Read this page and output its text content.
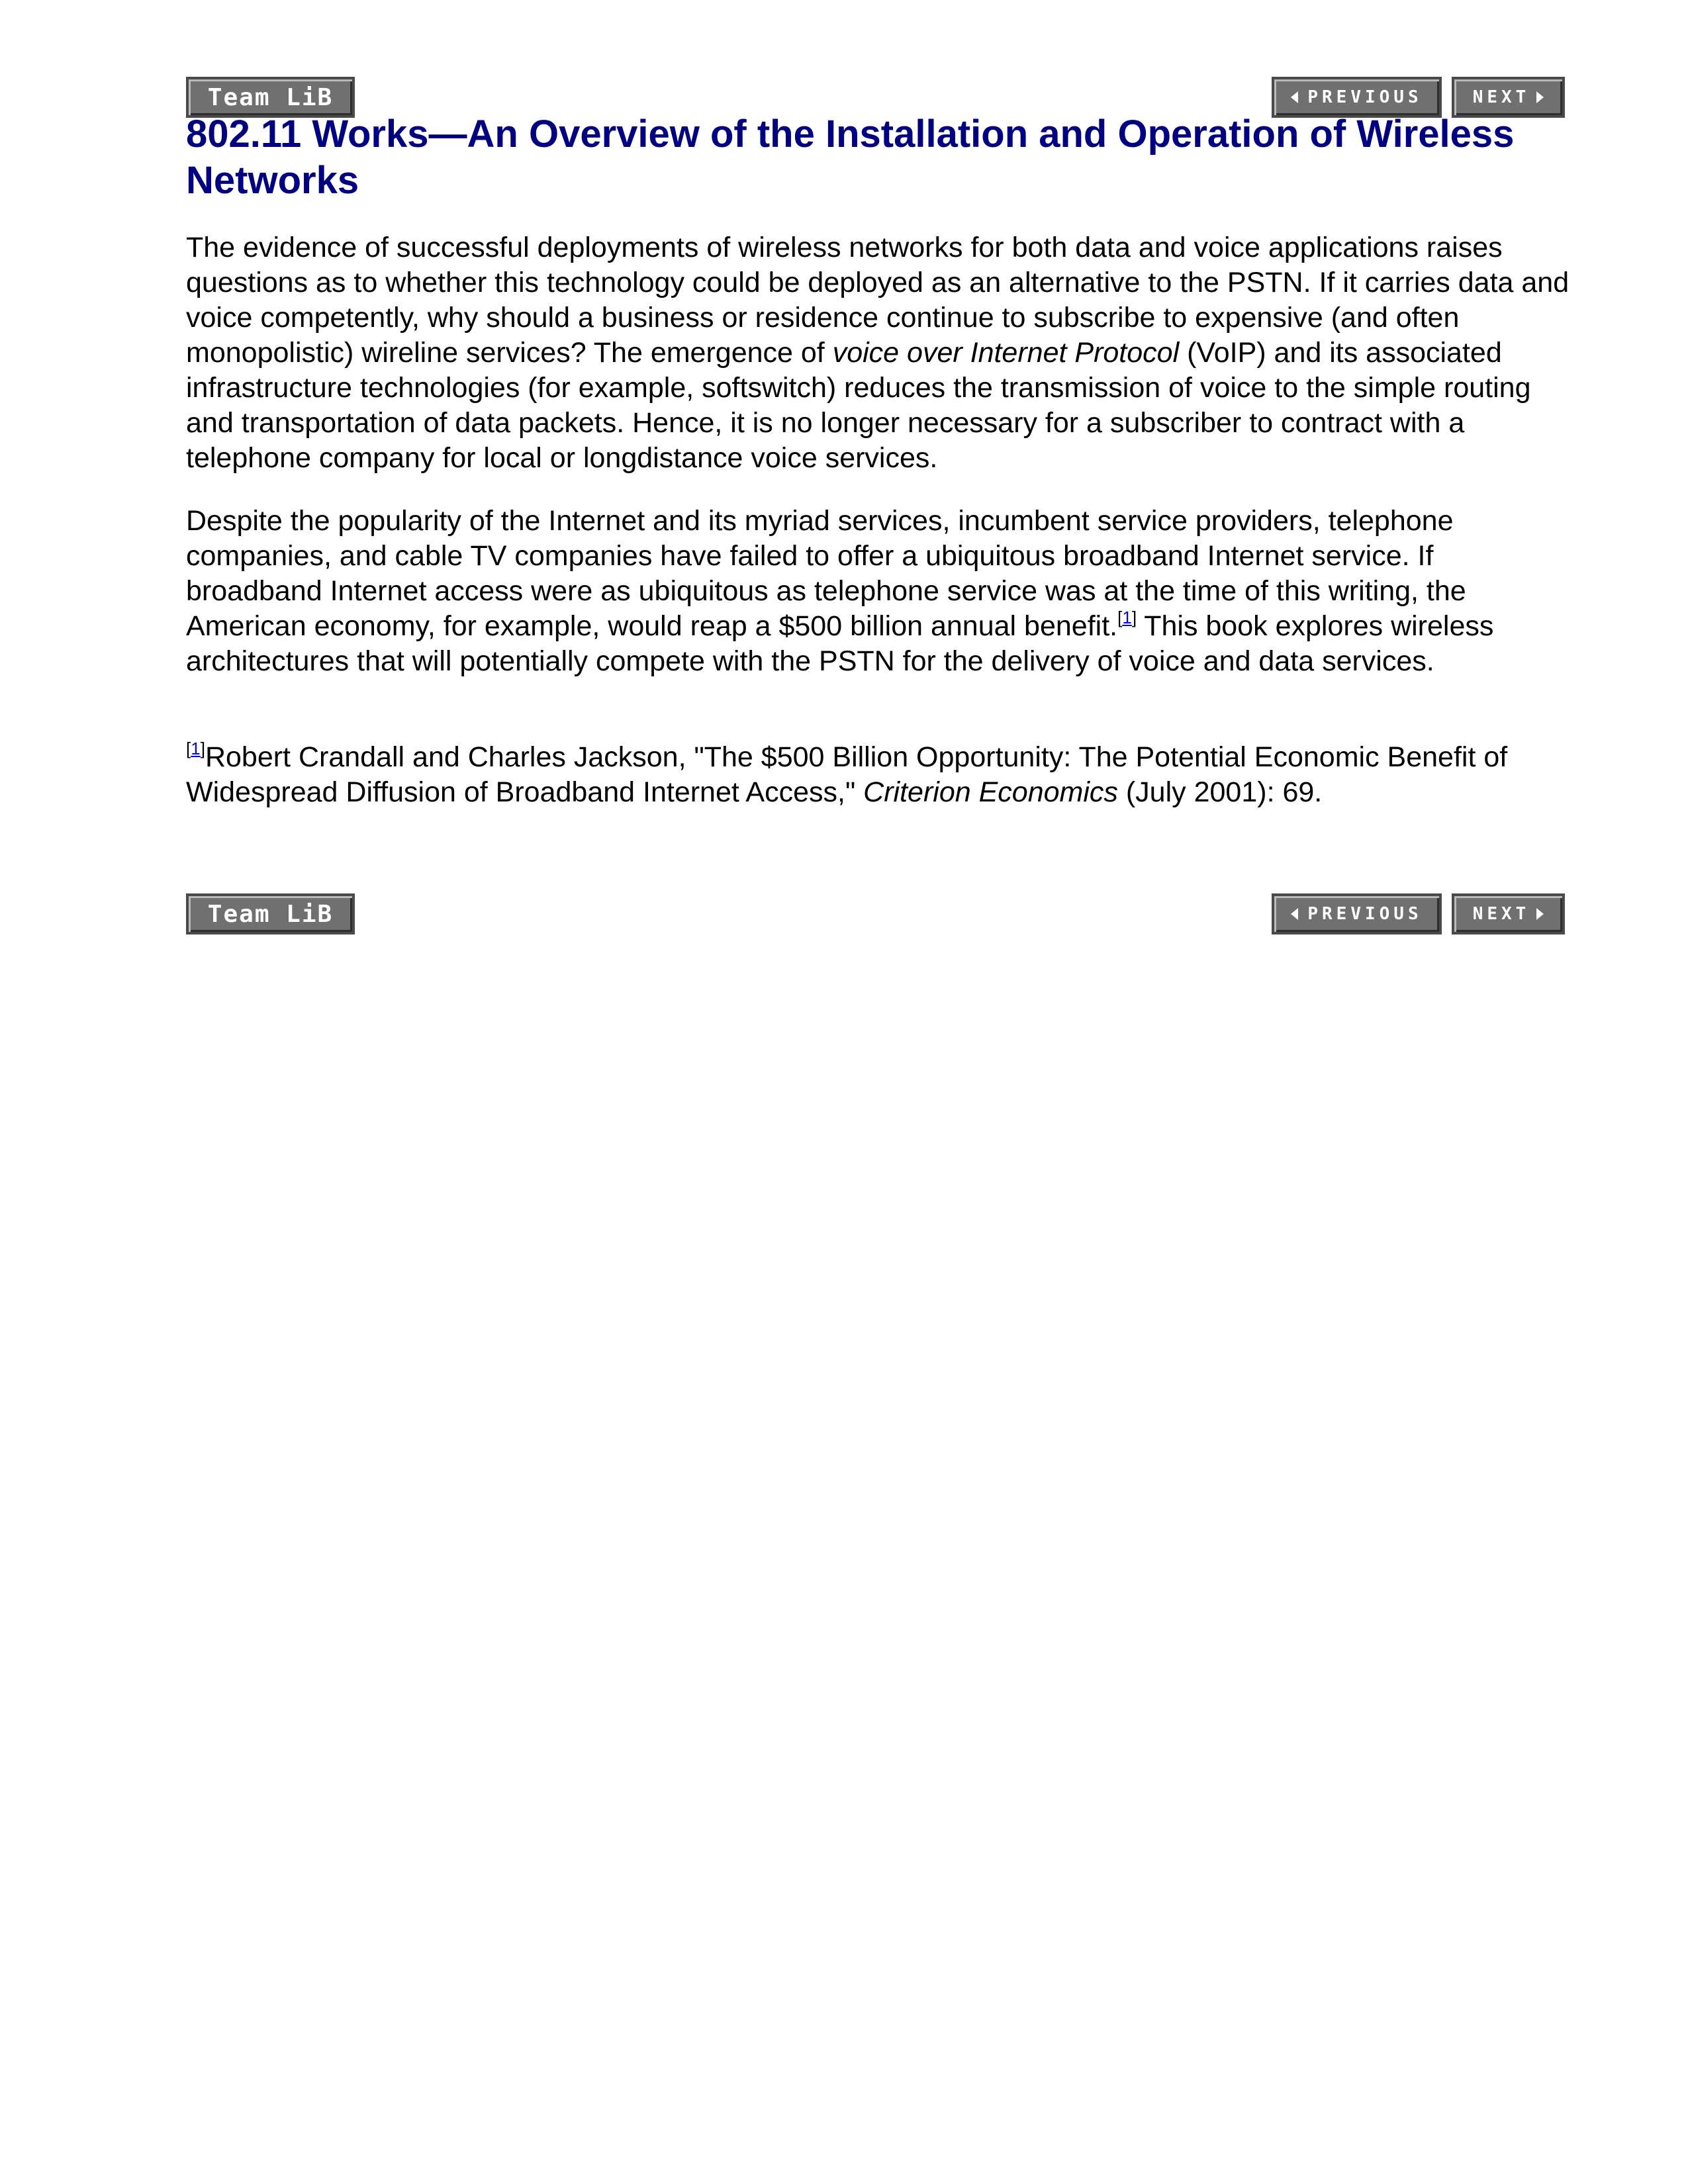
Team LiB	PREVIOUS	NEXT
802.11 Works—An Overview of the Installation and Operation of Wireless Networks

The evidence of successful deployments of wireless networks for both data and voice applications raises questions as to whether this technology could be deployed as an alternative to the PSTN. If it carries data and voice competently, why should a business or residence continue to subscribe to expensive (and often monopolistic) wireline services? The emergence of voice over Internet Protocol (VoIP) and its associated infrastructure technologies (for example, softswitch) reduces the transmission of voice to the simple routing and transportation of data packets. Hence, it is no longer necessary for a subscriber to contract with a telephone company for local or longdistance voice services.

Despite the popularity of the Internet and its myriad services, incumbent service providers, telephone companies, and cable TV companies have failed to offer a ubiquitous broadband Internet service. If broadband Internet access were as ubiquitous as telephone service was at the time of this writing, the American economy, for example, would reap a $500 billion annual benefit.[1] This book explores wireless architectures that will potentially compete with the PSTN for the delivery of voice and data services.

[1]Robert Crandall and Charles Jackson, "The $500 Billion Opportunity: The Potential Economic Benefit of Widespread Diffusion of Broadband Internet Access," Criterion Economics (July 2001): 69.

Team LiB	PREVIOUS	NEXT
